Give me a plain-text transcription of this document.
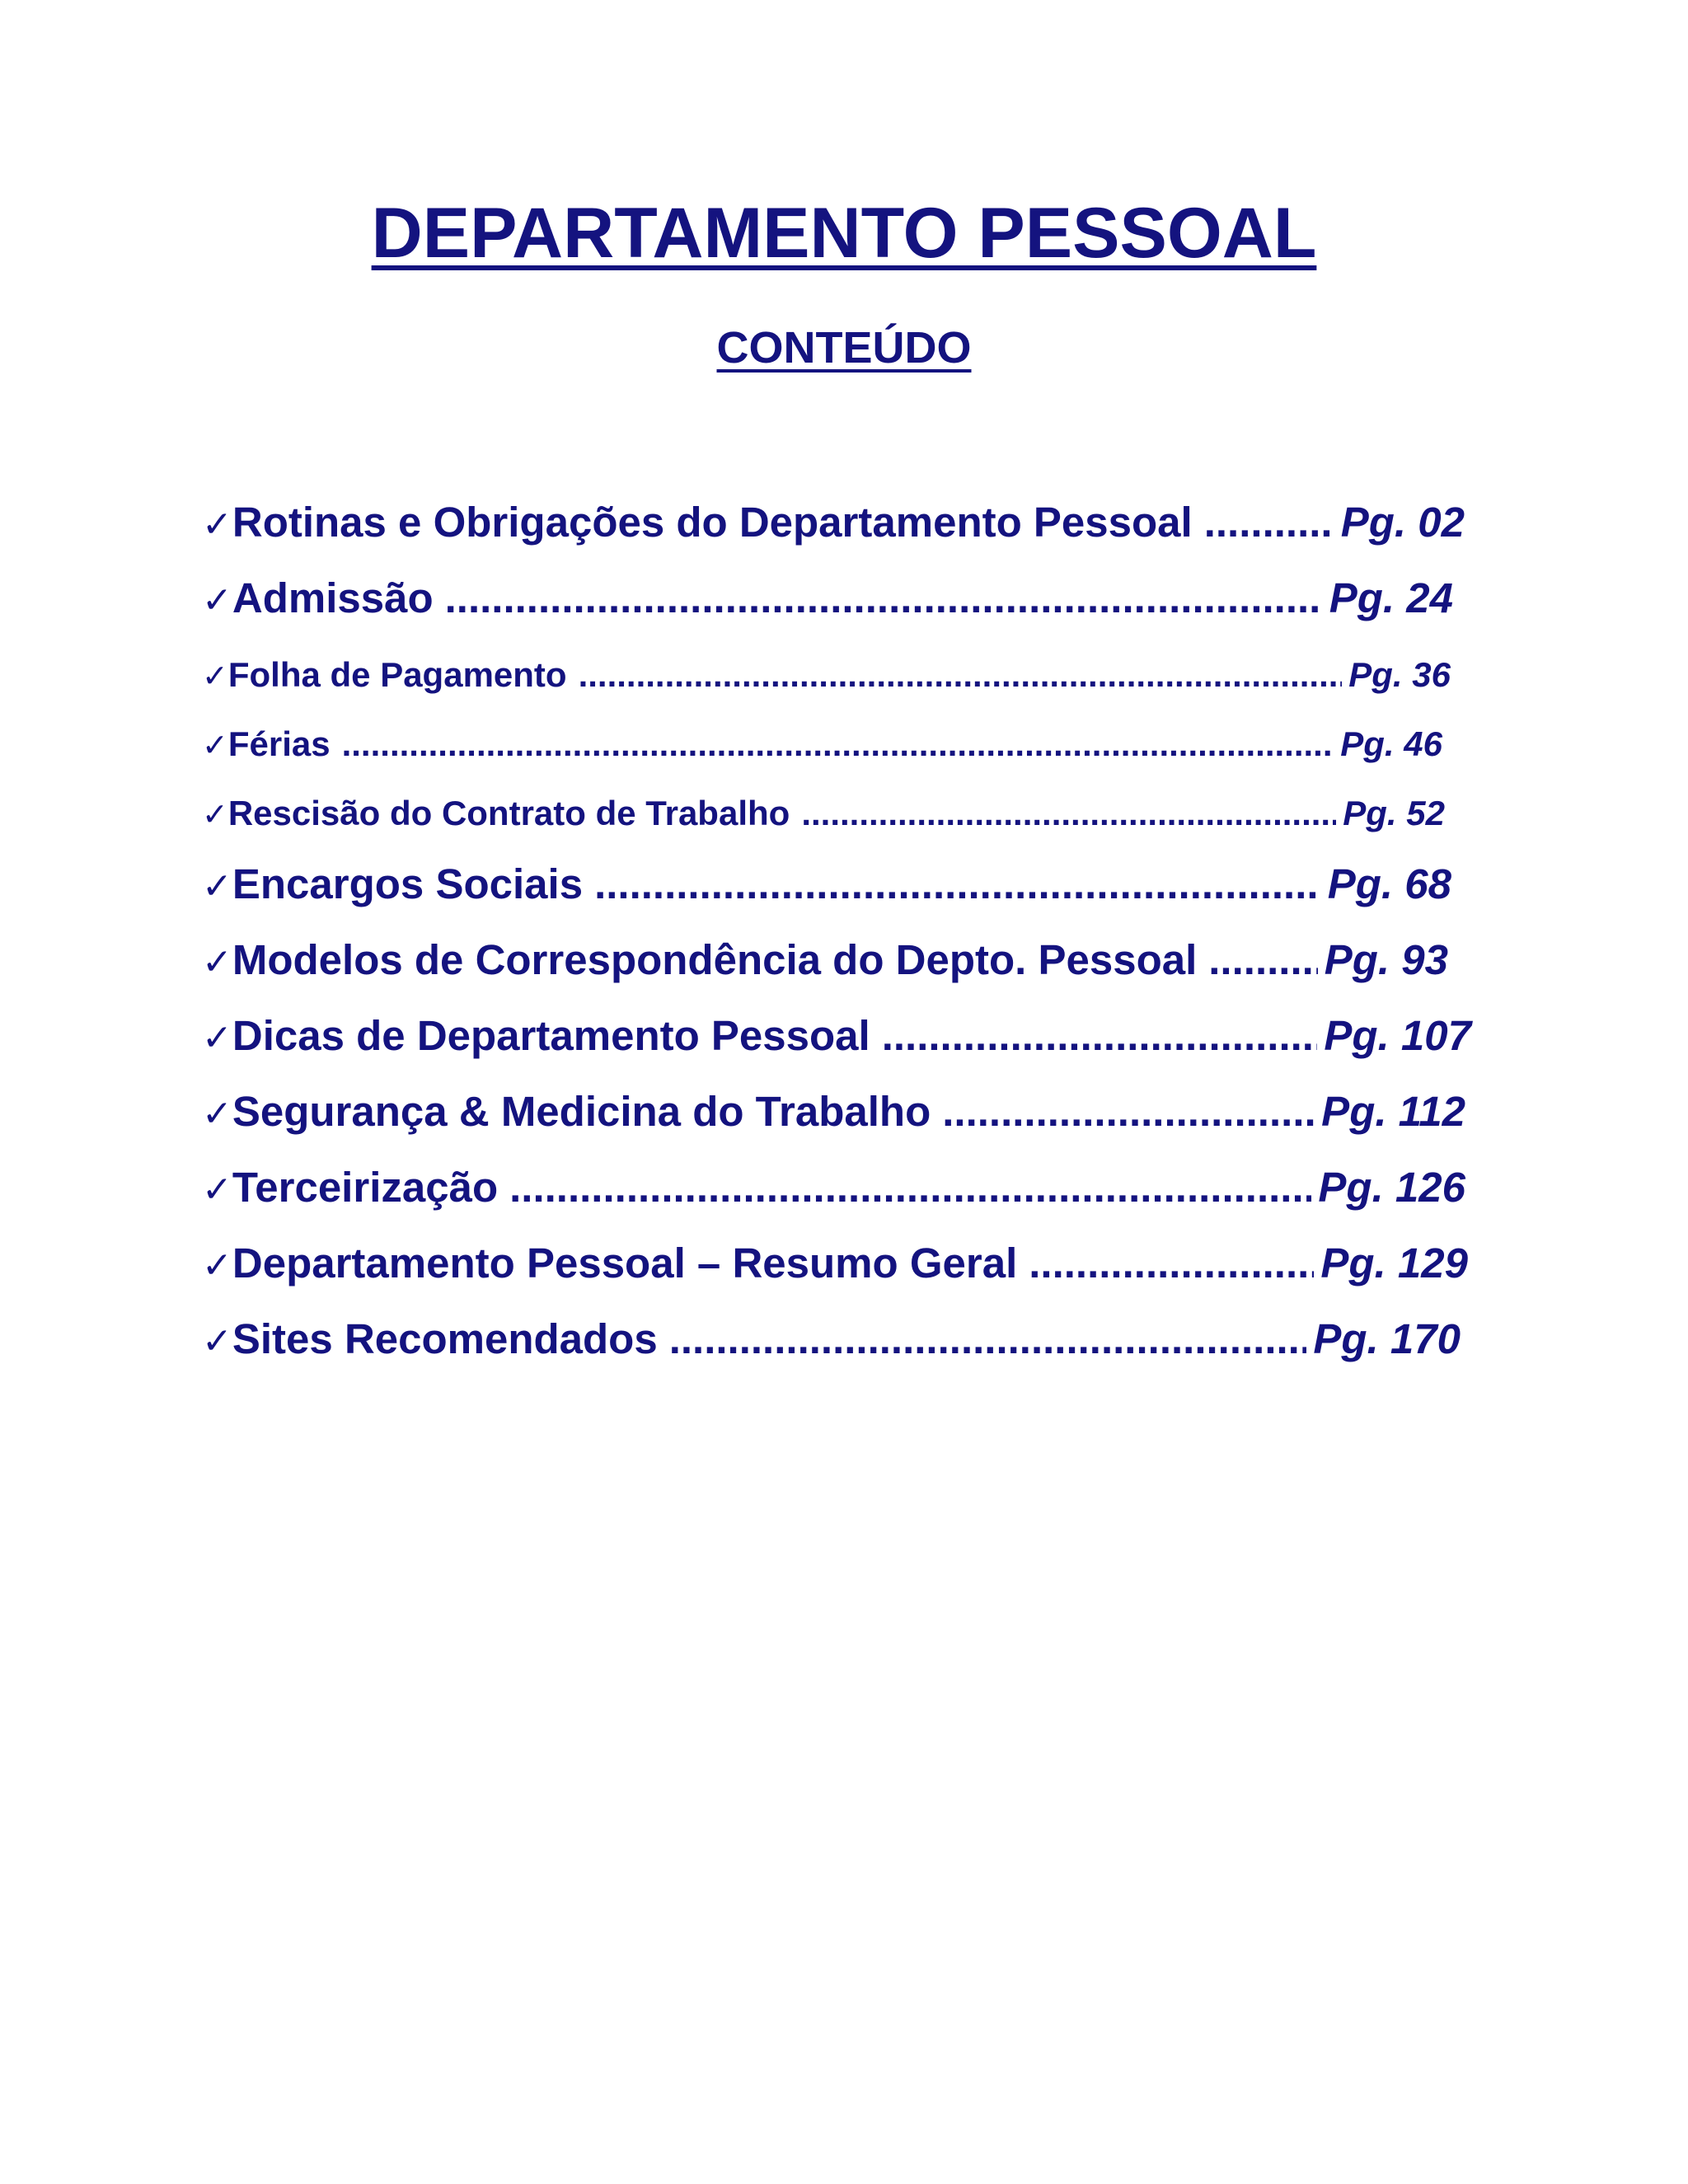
DEPARTAMENTO PESSOAL
CONTEÚDO
✓ Rotinas e Obrigações do Departamento Pessoal .....	Pg. 02
✓ Admissão .....	Pg. 24
✓ Folha de Pagamento .....	Pg. 36
✓ Férias .....	Pg. 46
✓ Rescisão do Contrato de Trabalho .....	Pg. 52
✓ Encargos Sociais .....	Pg. 68
✓ Modelos de Correspondência do Depto. Pessoal .....	Pg. 93
✓ Dicas de Departamento Pessoal .....	Pg. 107
✓ Segurança & Medicina do Trabalho .....	Pg. 112
✓ Terceirização .....	Pg. 126
✓ Departamento Pessoal – Resumo Geral .....	Pg. 129
✓ Sites Recomendados .....	Pg. 170
